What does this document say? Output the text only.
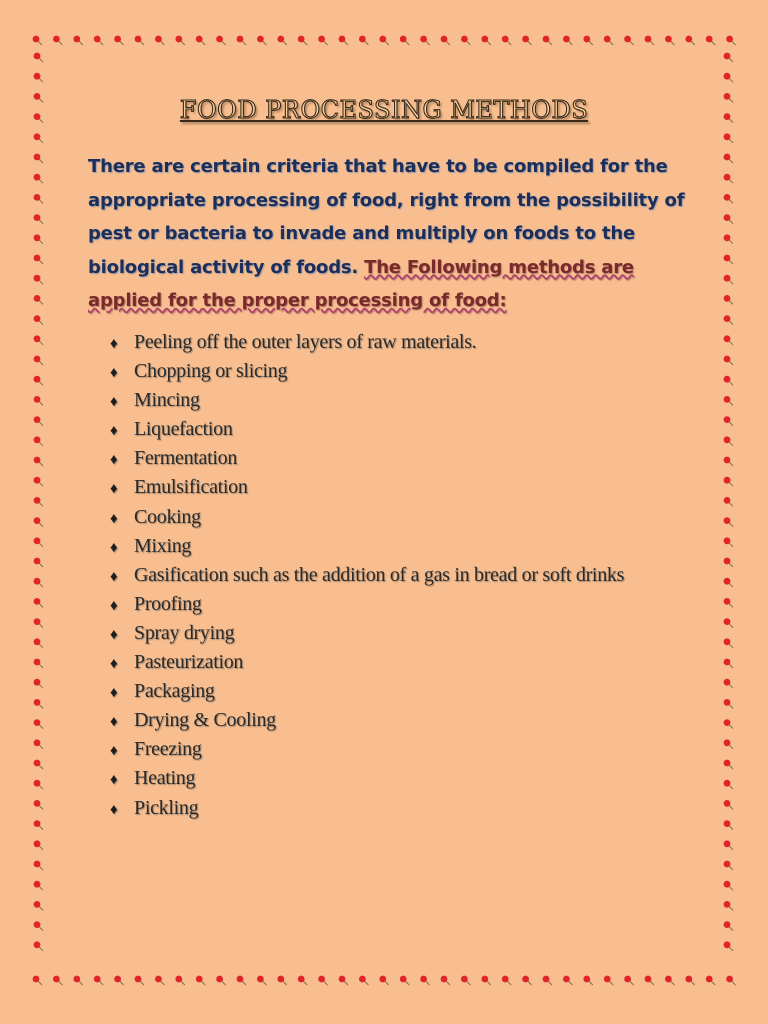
FOOD PROCESSING METHODS

There are certain criteria that have to be compiled for the appropriate processing of food, right from the possibility of pest or bacteria to invade and multiply on foods to the biological activity of foods. The Following methods are applied for the proper processing of food:

♦ Peeling off the outer layers of raw materials.
♦ Chopping or slicing
♦ Mincing
♦ Liquefaction
♦ Fermentation
♦ Emulsification
♦ Cooking
♦ Mixing
♦ Gasification such as the addition of a gas in bread or soft drinks
♦ Proofing
♦ Spray drying
♦ Pasteurization
♦ Packaging
♦ Drying & Cooling
♦ Freezing
♦ Heating
♦ Pickling
